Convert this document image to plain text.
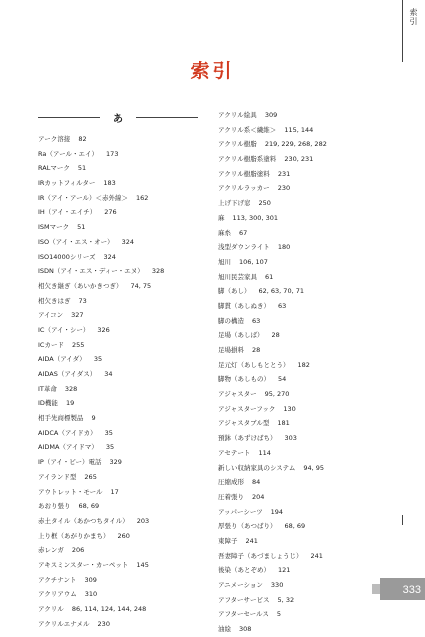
索引
索引
あ
アーク溶接 82
Ra（アール・エイ） 173
RALマーク 51
IRカットフィルター 183
IR（アイ・アール）＜赤外線＞ 162
IH（アイ・エイチ） 276
ISMマーク 51
ISO（アイ・エス・オー） 324
ISO14000シリーズ 324
ISDN（アイ・エス・ディー・エヌ） 328
相欠き継ぎ（あいかきつぎ） 74, 75
相欠きはぎ 73
アイコン 327
IC（アイ・シー） 326
ICカード 255
AIDA（アイダ） 35
AIDAS（アイダス） 34
IT革命 328
ID機能 19
相手先商標製品 9
AIDCA（アイドカ） 35
AIDMA（アイドマ） 35
IP（アイ・ピー）電話 329
アイランド型 265
アウトレット・モール 17
あおり張り 68, 69
赤土タイル（あかつちタイル） 203
上り框（あがりかまち） 260
赤レンガ 206
アキスミンスター・カーペット 145
アクチナント 309
アクリアウム 310
アクリル 86, 114, 124, 144, 248
アクリルエナメル 230
アクリル絵具 309
アクリル系＜繊維＞ 115, 144
アクリル樹脂 219, 229, 268, 282
アクリル樹脂系塗料 230, 231
アクリル樹脂塗料 231
アクリルラッカー 230
上げ下げ窓 250
麻 113, 300, 301
麻糸 67
浅型ダウンライト 180
旭川 106, 107
旭川民芸家具 61
脚（あし） 62, 63, 70, 71
脚貫（あしぬき） 63
脚の構造 63
足場（あしば） 28
足場損料 28
足元灯（あしもととう） 182
脚物（あしもの） 54
アジャスター 95, 270
アジャスターフック 130
アジャスタブル型 181
預鉢（あずけばち） 303
アセテート 114
新しい収納家具のシステム 94, 95
圧縮成形 84
圧着張り 204
アッパーシーツ 194
厚張り（あつばり） 68, 69
東障子 241
吾妻障子（あづましょうじ） 241
後染（あとぞめ） 121
アニメーション 330
アフターサービス 5, 32
アフターセールス 5
油絵 308
333
